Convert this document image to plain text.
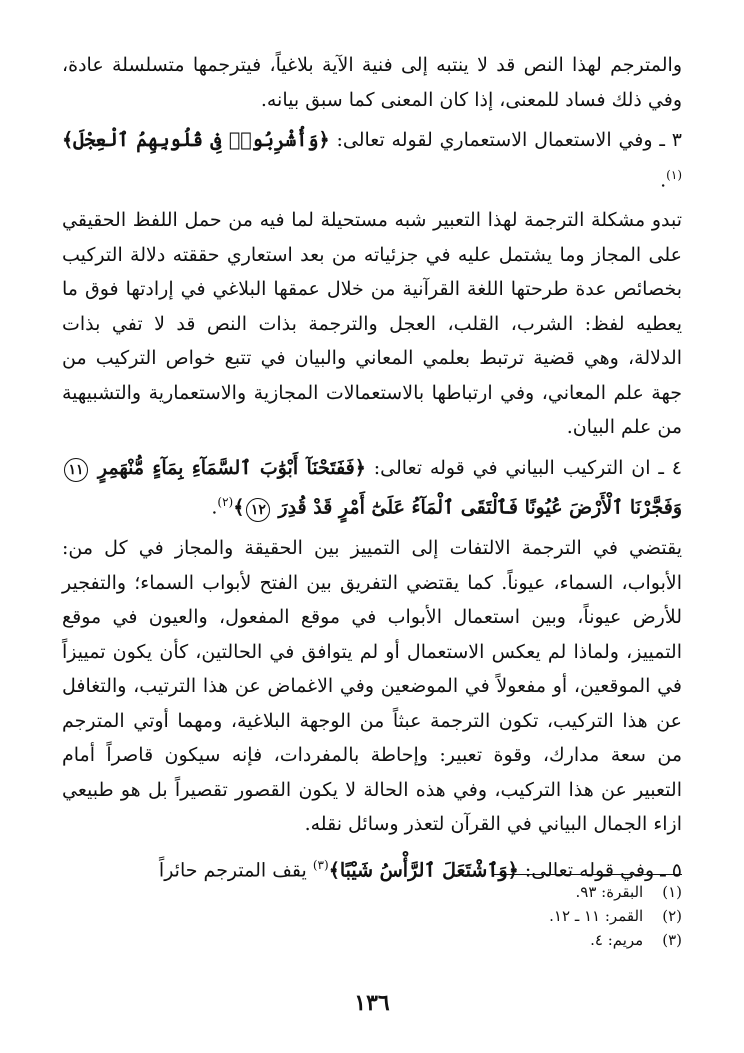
والمترجم لهذا النص قد لا ينتبه إلى فنية الآية بلاغياً، فيترجمها متسلسلة عادة، وفي ذلك فساد للمعنى، إذا كان المعنى كما سبق بيانه.

٣ ـ وفي الاستعمال الاستعماري لقوله تعالى: ﴿وَأُشْرِبُوا۟ فِى قُلُوبِهِمُ ٱلْعِجْلَ﴾$^{(١)}$.

تبدو مشكلة الترجمة لهذا التعبير شبه مستحيلة لما فيه من حمل اللفظ الحقيقي على المجاز وما يشتمل عليه في جزئياته من بعد استعاري حققته دلالة التركيب بخصائص عدة طرحتها اللغة القرآنية من خلال عمقها البلاغي في إرادتها فوق ما يعطيه لفظ: الشرب، القلب، العجل والترجمة بذات النص قد لا تفي بذات الدلالة، وهي قضية ترتبط بعلمي المعاني والبيان في تتبع خواص التركيب من جهة علم المعاني، وفي ارتباطها بالاستعمالات المجازية والاستعمارية والتشبيهية من علم البيان.

٤ ـ ان التركيب البياني في قوله تعالى: ﴿فَفَتَحْنَآ أَبْوَٰبَ ٱلسَّمَآءِ بِمَآءٍ مُّنْهَمِرٍ ١١ وَفَجَّرْنَا ٱلْأَرْضَ عُيُونًا فَٱلْتَقَى ٱلْمَآءُ عَلَىٰٓ أَمْرٍ قَدْ قُدِرَ ١٢﴾$^{(٢)}$.

يقتضي في الترجمة الالتفات إلى التمييز بين الحقيقة والمجاز في كل من: الأبواب، السماء، عيوناً. كما يقتضي التفريق بين الفتح لأبواب السماء؛ والتفجير للأرض عيوناً، وبين استعمال الأبواب في موقع المفعول، والعيون في موقع التمييز، ولماذا لم يعكس الاستعمال أو لم يتوافق في الحالتين، كأن يكون تمييزاً في الموقعين، أو مفعولاً في الموضعين وفي الاغماض عن هذا الترتيب، والتغافل عن هذا التركيب، تكون الترجمة عبثاً من الوجهة البلاغية، ومهما أوتي المترجم من سعة مدارك، وقوة تعبير: وإحاطة بالمفردات، فإنه سيكون قاصراً أمام التعبير عن هذا التركيب، وفي هذه الحالة لا يكون القصور تقصيراً بل هو طبيعي ازاء الجمال البياني في القرآن لتعذر وسائل نقله.

٥ ـ وفي قوله تعالى: ﴿وَٱشْتَعَلَ ٱلرَّأْسُ شَيْبًا﴾$^{(٣)}$ يقف المترجم حائراً

(١) البقرة: ٩٣.

(٢) القمر: ١١ ـ ١٢.

(٣) مريم: ٤.

١٣٦
